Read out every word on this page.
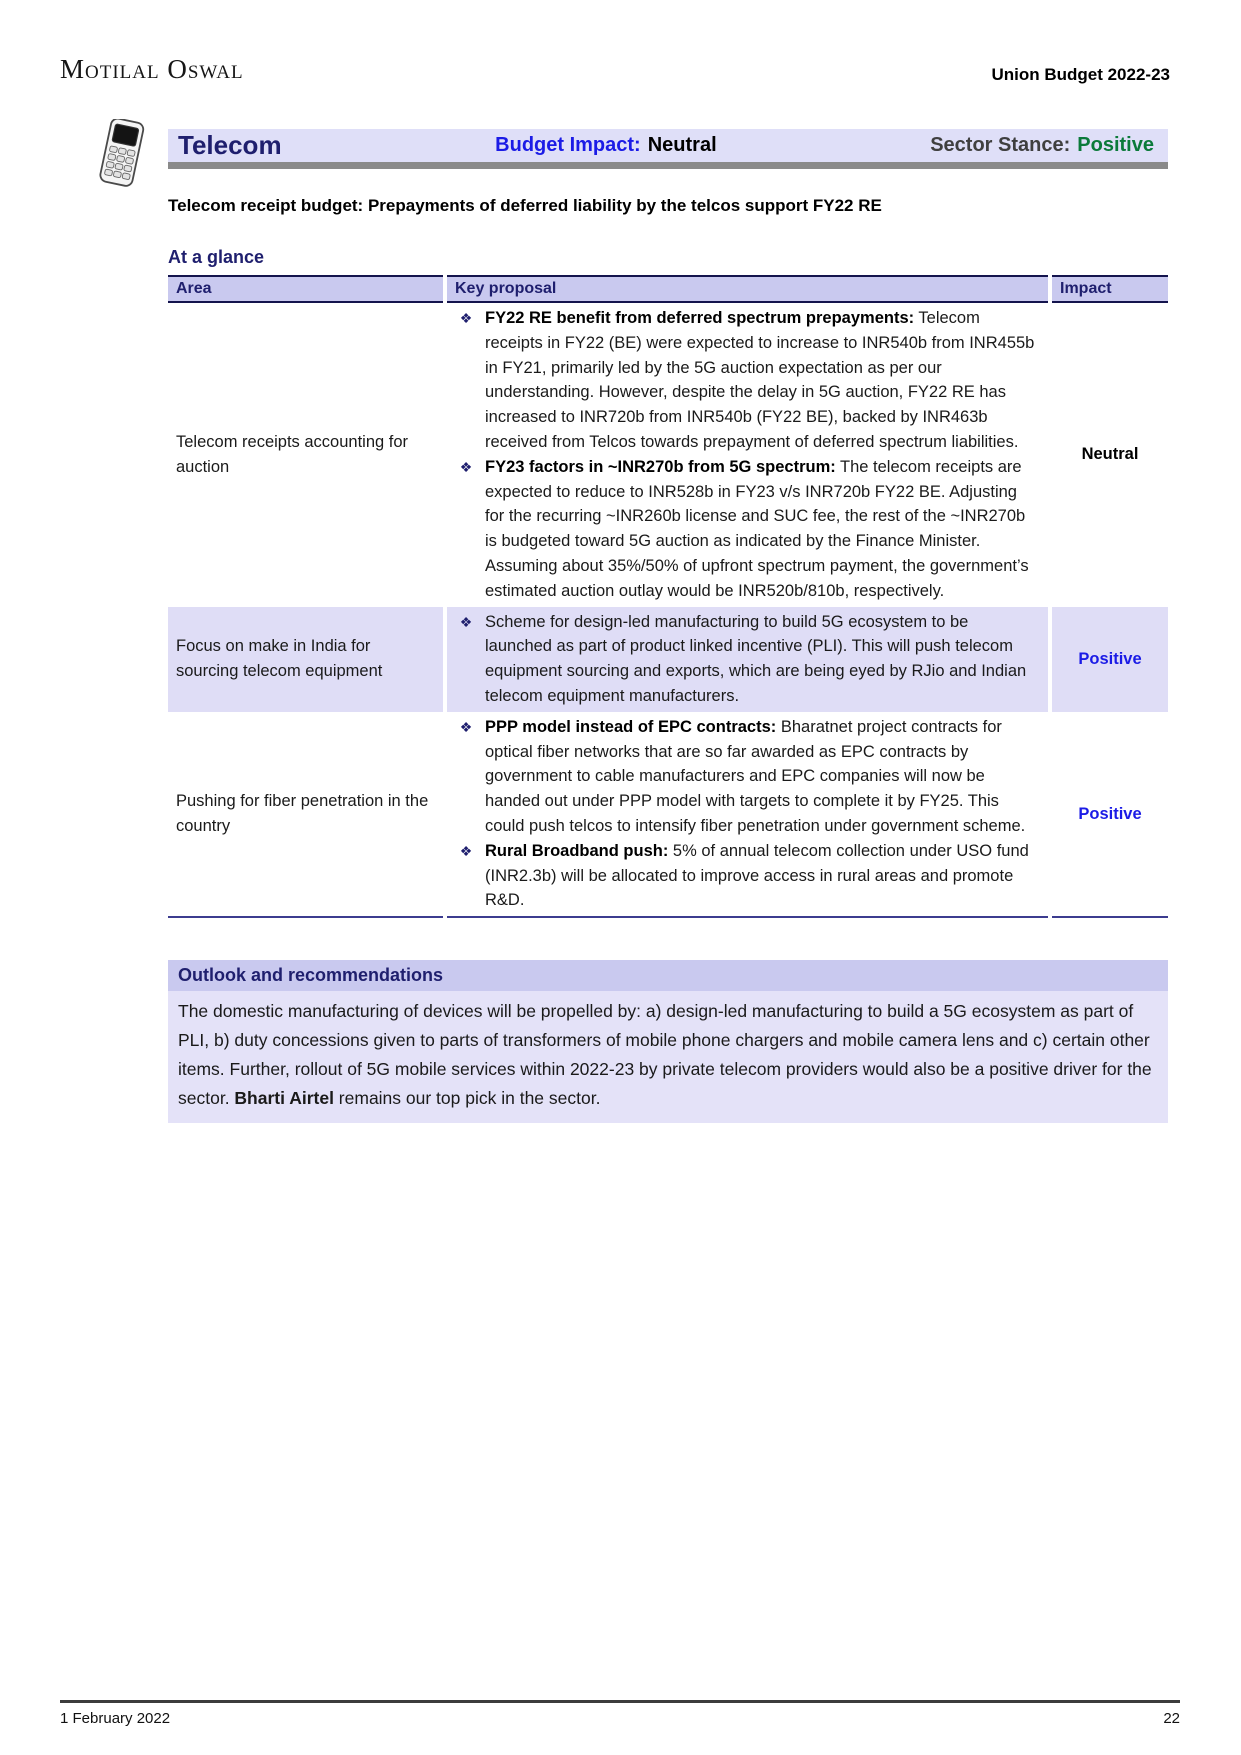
Motilal Oswal	Union Budget 2022-23
Telecom	Budget Impact: Neutral	Sector Stance: Positive
Telecom receipt budget: Prepayments of deferred liability by the telcos support FY22 RE
At a glance
Area	Key proposal	Impact
Telecom receipts accounting for auction	❖ FY22 RE benefit from deferred spectrum prepayments: Telecom receipts in FY22 (BE) were expected to increase to INR540b from INR455b in FY21, primarily led by the 5G auction expectation as per our understanding. However, despite the delay in 5G auction, FY22 RE has increased to INR720b from INR540b (FY22 BE), backed by INR463b received from Telcos towards prepayment of deferred spectrum liabilities.
❖ FY23 factors in ~INR270b from 5G spectrum: The telecom receipts are expected to reduce to INR528b in FY23 v/s INR720b FY22 BE. Adjusting for the recurring ~INR260b license and SUC fee, the rest of the ~INR270b is budgeted toward 5G auction as indicated by the Finance Minister. Assuming about 35%/50% of upfront spectrum payment, the government’s estimated auction outlay would be INR520b/810b, respectively.	Neutral
Focus on make in India for sourcing telecom equipment	❖ Scheme for design-led manufacturing to build 5G ecosystem to be launched as part of product linked incentive (PLI). This will push telecom equipment sourcing and exports, which are being eyed by RJio and Indian telecom equipment manufacturers.	Positive
Pushing for fiber penetration in the country	❖ PPP model instead of EPC contracts: Bharatnet project contracts for optical fiber networks that are so far awarded as EPC contracts by government to cable manufacturers and EPC companies will now be handed out under PPP model with targets to complete it by FY25. This could push telcos to intensify fiber penetration under government scheme.
❖ Rural Broadband push: 5% of annual telecom collection under USO fund (INR2.3b) will be allocated to improve access in rural areas and promote R&D.	Positive
Outlook and recommendations
The domestic manufacturing of devices will be propelled by: a) design-led manufacturing to build a 5G ecosystem as part of PLI, b) duty concessions given to parts of transformers of mobile phone chargers and mobile camera lens and c) certain other items. Further, rollout of 5G mobile services within 2022-23 by private telecom providers would also be a positive driver for the sector. Bharti Airtel remains our top pick in the sector.
1 February 2022	22
